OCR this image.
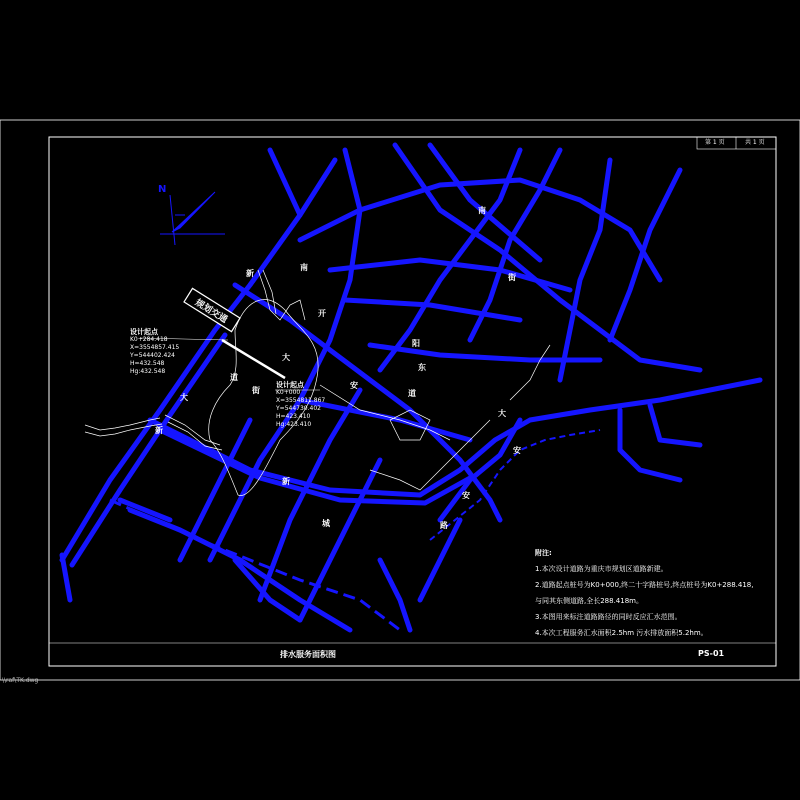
规划交通
N
第 1 页	共 1 页
设计起点
K0+284.418
X=3554857.415
Y=544402.424
H=432.548
Hg:432.548
设计起点
K0+000
X=3554811.867
Y=544730.402
H=423.410
Hg:423.410
新
南
大
新
道
街
大
开
阳
安
南
街
东
大
道
新
城
安
安
路
附注:
1.本次设计道路为重庆市规划区道路新建。
2.道路起点桩号为K0+000,终二十字路桩号,终点桩号为K0+288.418,
与同其东侧道路,全长288.418m。
3.本图用来标注道路路径的同时反应汇水范围。
4.本次工程服务汇水面积2.5hm 污水排放面积5.2hm。
排水服务面积图	PS-01
\\raf\TK.dwg
